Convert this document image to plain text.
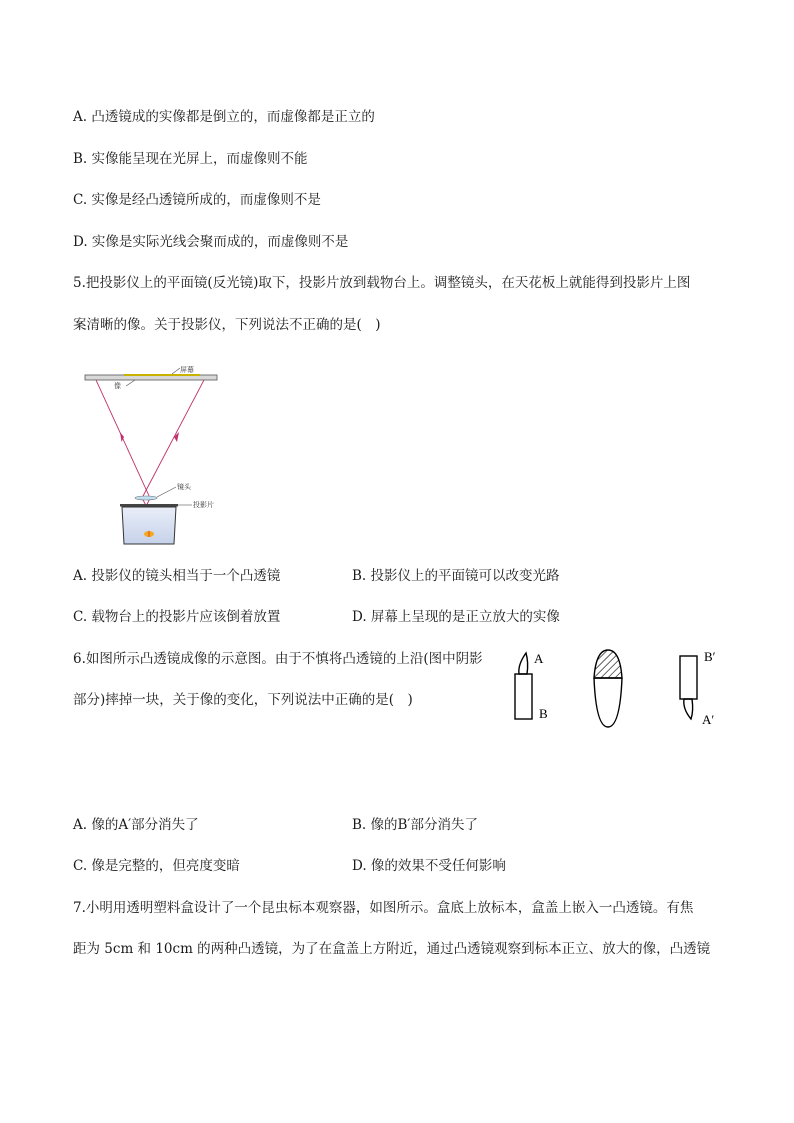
A. 凸透镜成的实像都是倒立的，而虚像都是正立的
B. 实像能呈现在光屏上，而虚像则不能
C. 实像是经凸透镜所成的，而虚像则不是
D. 实像是实际光线会聚而成的，而虚像则不是
5.把投影仪上的平面镜(反光镜)取下，投影片放到载物台上。调整镜头，在天花板上就能得到投影片上图
案清晰的像。关于投影仪，下列说法不正确的是(　)
屏幕
像
镜头
投影片
A. 投影仪的镜头相当于一个凸透镜	B. 投影仪上的平面镜可以改变光路
C. 载物台上的投影片应该倒着放置	D. 屏幕上呈现的是正立放大的实像
6.如图所示凸透镜成像的示意图。由于不慎将凸透镜的上沿(图中阴影
部分)摔掉一块，关于像的变化，下列说法中正确的是(　)
A
B
B′
A′
A. 像的A′部分消失了	B. 像的B′部分消失了
C. 像是完整的，但亮度变暗	D. 像的效果不受任何影响
7.小明用透明塑料盒设计了一个昆虫标本观察器，如图所示。盒底上放标本，盒盖上嵌入一凸透镜。有焦
距为 5cm 和 10cm 的两种凸透镜，为了在盒盖上方附近，通过凸透镜观察到标本正立、放大的像，凸透镜
